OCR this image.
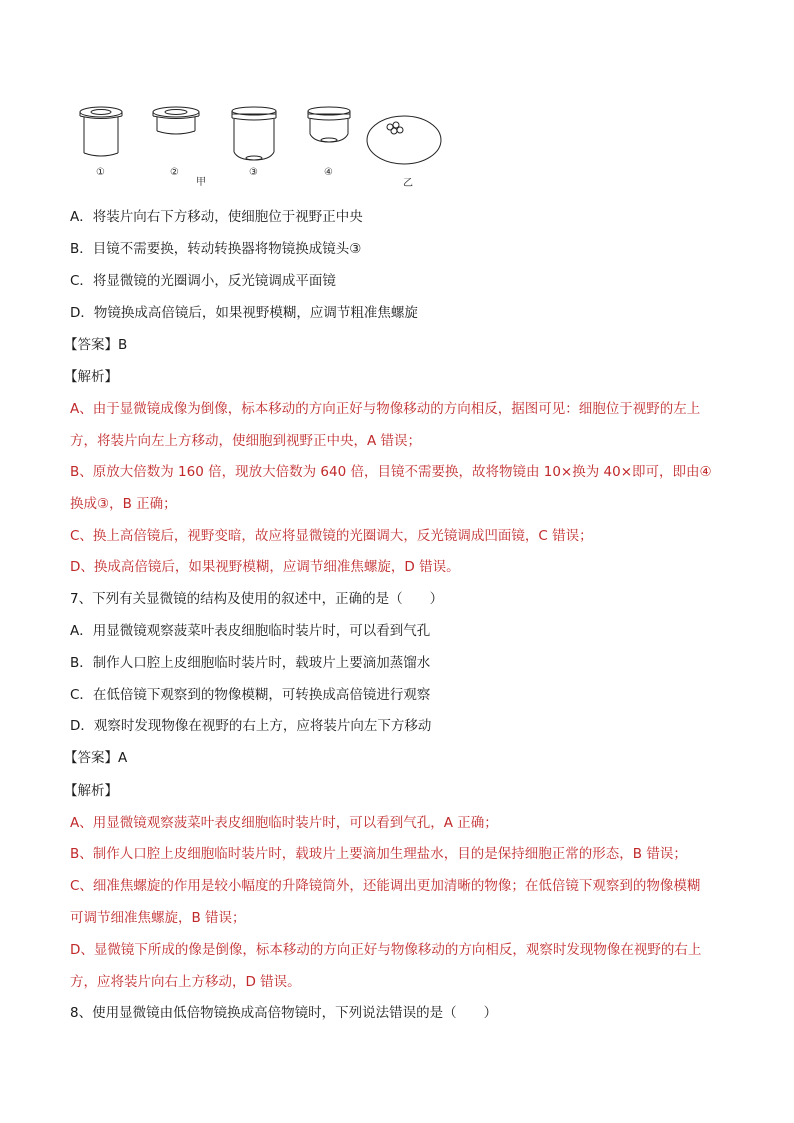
①	②
甲
③	④
乙
A．将装片向右下方移动，使细胞位于视野正中央
B．目镜不需要换，转动转换器将物镜换成镜头③
C．将显微镜的光圈调小，反光镜调成平面镜
D．物镜换成高倍镜后，如果视野模糊，应调节粗准焦螺旋
【答案】B
【解析】
A、由于显微镜成像为倒像，标本移动的方向正好与物像移动的方向相反，据图可见：细胞位于视野的左上
方，将装片向左上方移动，使细胞到视野正中央，A 错误；
B、原放大倍数为 160 倍，现放大倍数为 640 倍，目镜不需要换，故将物镜由 10×换为 40×即可，即由④
换成③，B 正确；
C、换上高倍镜后，视野变暗，故应将显微镜的光圈调大，反光镜调成凹面镜，C 错误；
D、换成高倍镜后，如果视野模糊，应调节细准焦螺旋，D 错误。
7、下列有关显微镜的结构及使用的叙述中，正确的是（　　）
A．用显微镜观察菠菜叶表皮细胞临时装片时，可以看到气孔
B．制作人口腔上皮细胞临时装片时，载玻片上要滴加蒸馏水
C．在低倍镜下观察到的物像模糊，可转换成高倍镜进行观察
D．观察时发现物像在视野的右上方，应将装片向左下方移动
【答案】A
【解析】
A、用显微镜观察菠菜叶表皮细胞临时装片时，可以看到气孔，A 正确；
B、制作人口腔上皮细胞临时装片时，载玻片上要滴加生理盐水，目的是保持细胞正常的形态，B 错误；
C、细准焦螺旋的作用是较小幅度的升降镜筒外，还能调出更加清晰的物像；在低倍镜下观察到的物像模糊
可调节细准焦螺旋，B 错误；
D、显微镜下所成的像是倒像，标本移动的方向正好与物像移动的方向相反，观察时发现物像在视野的右上
方，应将装片向右上方移动，D 错误。
8、使用显微镜由低倍物镜换成高倍物镜时，下列说法错误的是（　　）
